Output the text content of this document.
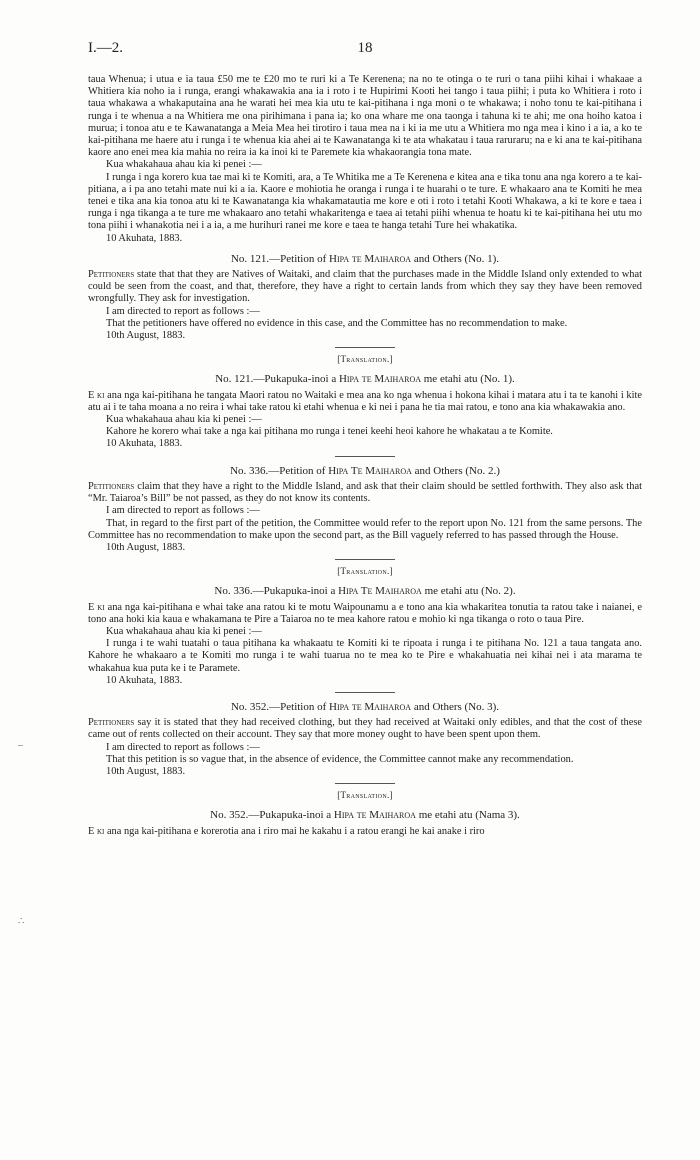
I.—2.	18
–
∴

taua Whenua; i utua e ia taua £50 me te £20 mo te ruri ki a Te Kerenena; na no te otinga o te ruri o tana piihi kihai i whakaae a Whitiera kia noho ia i runga, erangi whakawakia ana ia i roto i te Hupirimi Kooti hei tango i taua piihi; i puta ko Whitiera i roto i taua whakawa a whakaputaina ana he warati hei mea kia utu te kai-pitihana i nga moni o te whakawa; i noho tonu te kai-pitihana i runga i te whenua a na Whitiera me ona pirihimana i pana ia; ko ona whare me ona taonga i tahuna ki te ahi; me ona hoiho katoa i murua; i tonoa atu e te Kawanatanga a Meia Mea hei tirotiro i taua mea na i ki ia me utu a Whitiera mo nga mea i kino i a ia, a ko te kai-pitihana me haere atu i runga i te whenua kia ahei ai te Kawanatanga ki te ata whakatau i taua raruraru; na e ki ana te kai-pitihana kaore ano enei mea kia mahia no reira ia ka inoi ki te Paremete kia whakaorangia tona mate.

Kua whakahaua ahau kia ki penei :—

I runga i nga korero kua tae mai ki te Komiti, ara, a Te Whitika me a Te Kerenena e kitea ana e tika tonu ana nga korero a te kai-pitiana, a i pa ano tetahi mate nui ki a ia. Kaore e mohiotia he oranga i runga i te huarahi o te ture. E whakaaro ana te Komiti he mea tenei e tika ana kia tonoa atu ki te Kawanatanga kia whakamatautia me kore e oti i roto i tetahi Kooti Whakawa, a ki te kore e taea i runga i nga tikanga a te ture me whakaaro ano tetahi whakaritenga e taea ai tetahi piihi whenua te hoatu ki te kai-pitihana hei utu mo tona piihi i whanakotia nei i a ia, a me hurihuri ranei me kore e taea te hanga tetahi Ture hei whakatika.

10 Akuhata, 1883.
No. 121.—Petition of Hipa te Maiharoa and Others (No. 1).

Petitioners state that that they are Natives of Waitaki, and claim that the purchases made in the Middle Island only extended to what could be seen from the coast, and that, therefore, they have a right to certain lands from which they say they have been removed wrongfully. They ask for investigation.

I am directed to report as follows :—

That the petitioners have offered no evidence in this case, and the Committee has no recommendation to make.

10th August, 1883.
[Translation.]
No. 121.—Pukapuka-inoi a Hipa te Maiharoa me etahi atu (No. 1).

E ki ana nga kai-pitihana he tangata Maori ratou no Waitaki e mea ana ko nga whenua i hokona kihai i matara atu i ta te kanohi i kite atu ai i te taha moana a no reira i whai take ratou ki etahi whenua e ki nei i pana he tia mai ratou, e tono ana kia whakawakia ano.

Kua whakahaua ahau kia ki penei :—

Kahore he korero whai take a nga kai pitihana mo runga i tenei keehi heoi kahore he whakatau a te Komite.

10 Akuhata, 1883.
No. 336.—Petition of Hipa Te Maiharoa and Others (No. 2.)

Petitioners claim that they have a right to the Middle Island, and ask that their claim should be settled forthwith. They also ask that “Mr. Taiaroa’s Bill” be not passed, as they do not know its contents.

I am directed to report as follows :—

That, in regard to the first part of the petition, the Committee would refer to the report upon No. 121 from the same persons. The Committee has no recommendation to make upon the second part, as the Bill vaguely referred to has passed through the House.

10th August, 1883.
[Translation.]
No. 336.—Pukapuka-inoi a Hipa Te Maiharoa me etahi atu (No. 2).

E ki ana nga kai-pitihana e whai take ana ratou ki te motu Waipounamu a e tono ana kia whakaritea tonutia ta ratou take i naianei, e tono ana hoki kia kaua e whakamana te Pire a Taiaroa no te mea kahore ratou e mohio ki nga tikanga o roto o taua Pire.

Kua whakahaua ahau kia ki penei :—

I runga i te wahi tuatahi o taua pitihana ka whakaatu te Komiti ki te ripoata i runga i te pitihana No. 121 a taua tangata ano. Kahore he whakaaro a te Komiti mo runga i te wahi tuarua no te mea ko te Pire e whakahuatia nei kihai nei i ata marama te whakahua kua puta ke i te Paramete.

10 Akuhata, 1883.
No. 352.—Petition of Hipa te Maiharoa and Others (No. 3).

Petitioners say it is stated that they had received clothing, but they had received at Waitaki only edibles, and that the cost of these came out of rents collected on their account. They say that more money ought to have been spent upon them.

I am directed to report as follows :—

That this petition is so vague that, in the absence of evidence, the Committee cannot make any recommendation.

10th August, 1883.
[Translation.]
No. 352.—Pukapuka-inoi a Hipa te Maiharoa me etahi atu (Nama 3).

E ki ana nga kai-pitihana e korerotia ana i riro mai he kakahu i a ratou erangi he kai anake i riro
